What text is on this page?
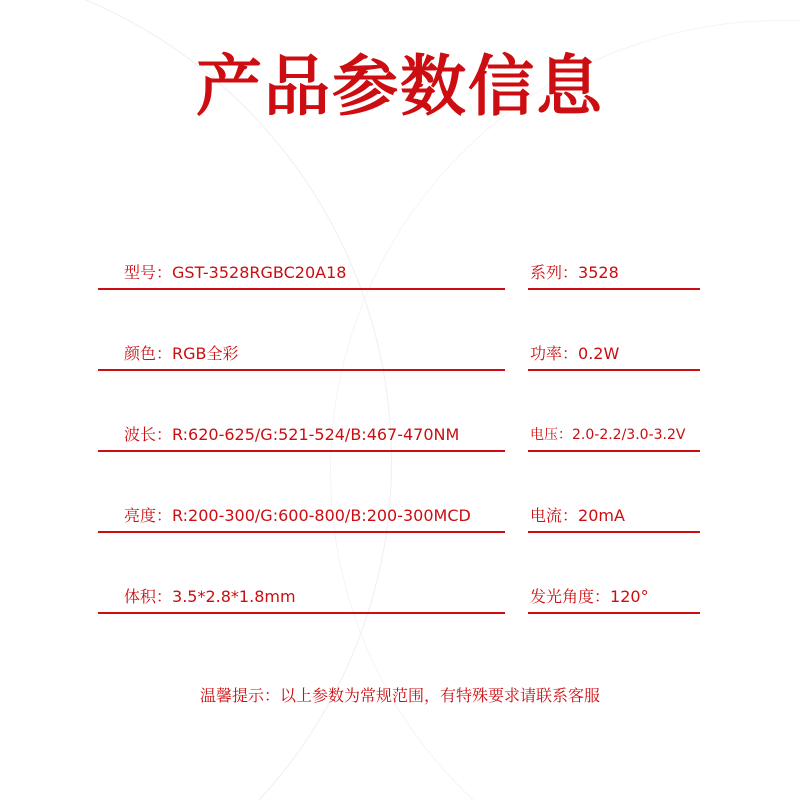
产品参数信息
型号：GST-3528RGBC20A18	系列：3528
颜色：RGB全彩	功率：0.2W
波长：R:620-625/G:521-524/B:467-470NM	电压：2.0-2.2/3.0-3.2V
亮度：R:200-300/G:600-800/B:200-300MCD	电流：20mA
体积：3.5*2.8*1.8mm	发光角度：120°
温馨提示：以上参数为常规范围，有特殊要求请联系客服
